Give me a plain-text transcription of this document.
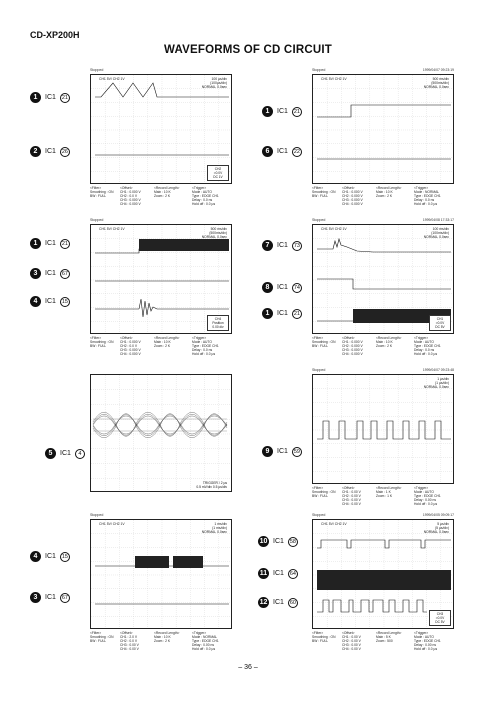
CD-XP200H
WAVEFORMS OF CD CIRCUIT
Stopped
CH1 5V/ CH2 1V	100 µs/div
(100µs/div)
NORMAL 0.0sec
CH2
=0.0V
DC 1V
<Filter>
Smoothing : ON
BW : FULL
<Offset>
CH1 : 0.000 V
CH2 : 0.0 V
CH3 : 0.000 V
CH4 : 0.000 V
<Record Length>
Main : 10 K
Zoom : 2 K
<Trigger>
Mode : AUTO
Type : EDGE CH1
Delay : 0.0 ns
Hold off : 0.0 µs
1	IC1	21
2	IC1	26
Stopped	1999/04/07 09:23:19
CH1 5V/ CH2 1V	500 ms/div
(500ms/div)
NORMAL 0.0sec
<Filter>
Smoothing : ON
BW : FULL
<Offset>
CH1 : 0.000 V
CH2 : 0.000 V
CH3 : 0.000 V
CH4 : 0.000 V
<Record Length>
Main : 10 K
Zoom : 2 K
<Trigger>
Mode : NORMAL
Type : EDGE CH1
Delay : 0.0 ns
Hold off : 0.0 µs
1	IC1	21
6	IC1	22
Stopped
CH1 5V/ CH2 1V	500 ms/div
(500ms/div)
NORMAL 0.0sec
CH4
Position
0.00 div
<Filter>
Smoothing : ON
BW : FULL
<Offset>
CH1 : 0.000 V
CH2 : 0.0 V
CH3 : 0.000 V
CH4 : 0.000 V
<Record Length>
Main : 10 K
Zoom : 2 K
<Trigger>
Mode : AUTO
Type : EDGE CH1
Delay : 0.0 ns
Hold off : 0.0 µs
1	IC1	21
3	IC1	67
4	IC1	15
Stopped	1999/04/08 17:33:17
CH1 5V/ CH2 1V	100 ms/div
(100ms/div)
NORMAL 0.0sec
CH1
=0.0V
DC 5V
<Filter>
Smoothing : ON
BW : FULL
<Offset>
CH1 : 0.000 V
CH2 : 0.000 V
CH3 : 0.000 V
CH4 : 0.000 V
<Record Length>
Main : 10 K
Zoom : 2 K
<Trigger>
Mode : AUTO
Type : EDGE CH1
Delay : 0.0 ns
Hold off : 0.0 µs
7	IC1	73
8	IC1	74
1	IC1	21
TRIGGER / 2 µs
0.5 mV/div 0.5 µs/div
5	IC1	4
Stopped	1999/04/07 09:23:48
1 µs/div
(1 µs/div)
NORMAL 0.0sec
<Filter>
Smoothing : ON
BW : FULL
<Offset>
CH1 : 0.00 V
CH2 : 0.00 V
CH3 : 0.00 V
CH4 : 0.00 V
<Record Length>
Main : 1 K
Zoom : 1 K
<Trigger>
Mode : AUTO
Type : EDGE CH1
Delay : 0.00 ns
Hold off : 0.0 µs
9	IC1	59
Stopped
CH1 5V/ CH2 1V	1 ms/div
(1 ms/div)
NORMAL 0.0sec
<Filter>
Smoothing : ON
BW : FULL
<Offset>
CH1 : 2.0 V
CH2 : 0.0 V
CH3 : 0.00 V
CH4 : 0.00 V
<Record Length>
Main : 10 K
Zoom : 2 K
<Trigger>
Mode : NORMAL
Type : EDGE CH1
Delay : 0.00 ns
Hold off : 0.0 µs
4	IC1	15
3	IC1	67
Stopped	1999/04/05 09:09:17
CH1 5V/ CH2 1V	5 µs/div
(5 µs/div)
NORMAL 0.0sec
CH3
=0.0V
DC 5V
<Filter>
Smoothing : ON
BW : FULL
<Offset>
CH1 : 0.00 V
CH2 : 0.00 V
CH3 : 0.00 V
CH4 : 0.00 V
<Record Length>
Main : 5 K
Zoom : 500
<Trigger>
Mode : AUTO
Type : EDGE CH1
Delay : 0.00 ns
Hold off : 0.0 µs
10 IC1	58
11 IC1	64
12 IC1	60
– 36 –
